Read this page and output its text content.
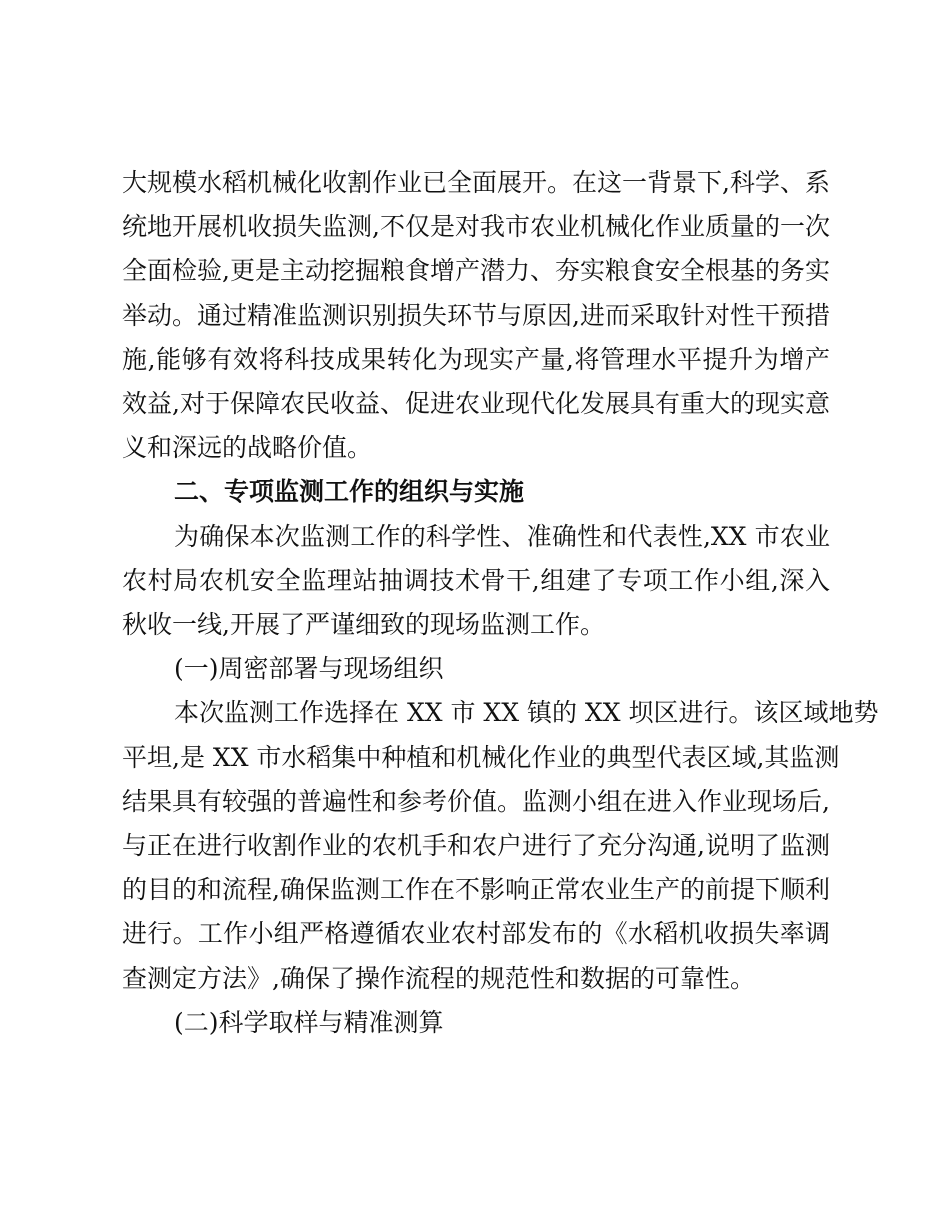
大规模水稻机械化收割作业已全面展开。在这一背景下,科学、系
统地开展机收损失监测,不仅是对我市农业机械化作业质量的一次
全面检验,更是主动挖掘粮食增产潜力、夯实粮食安全根基的务实
举动。通过精准监测识别损失环节与原因,进而采取针对性干预措
施,能够有效将科技成果转化为现实产量,将管理水平提升为增产
效益,对于保障农民收益、促进农业现代化发展具有重大的现实意
义和深远的战略价值。
二、专项监测工作的组织与实施
为确保本次监测工作的科学性、准确性和代表性,XX 市农业
农村局农机安全监理站抽调技术骨干,组建了专项工作小组,深入
秋收一线,开展了严谨细致的现场监测工作。
(一)周密部署与现场组织
本次监测工作选择在 XX 市 XX 镇的 XX 坝区进行。该区域地势
平坦,是 XX 市水稻集中种植和机械化作业的典型代表区域,其监测
结果具有较强的普遍性和参考价值。监测小组在进入作业现场后,
与正在进行收割作业的农机手和农户进行了充分沟通,说明了监测
的目的和流程,确保监测工作在不影响正常农业生产的前提下顺利
进行。工作小组严格遵循农业农村部发布的《水稻机收损失率调
查测定方法》,确保了操作流程的规范性和数据的可靠性。
(二)科学取样与精准测算
